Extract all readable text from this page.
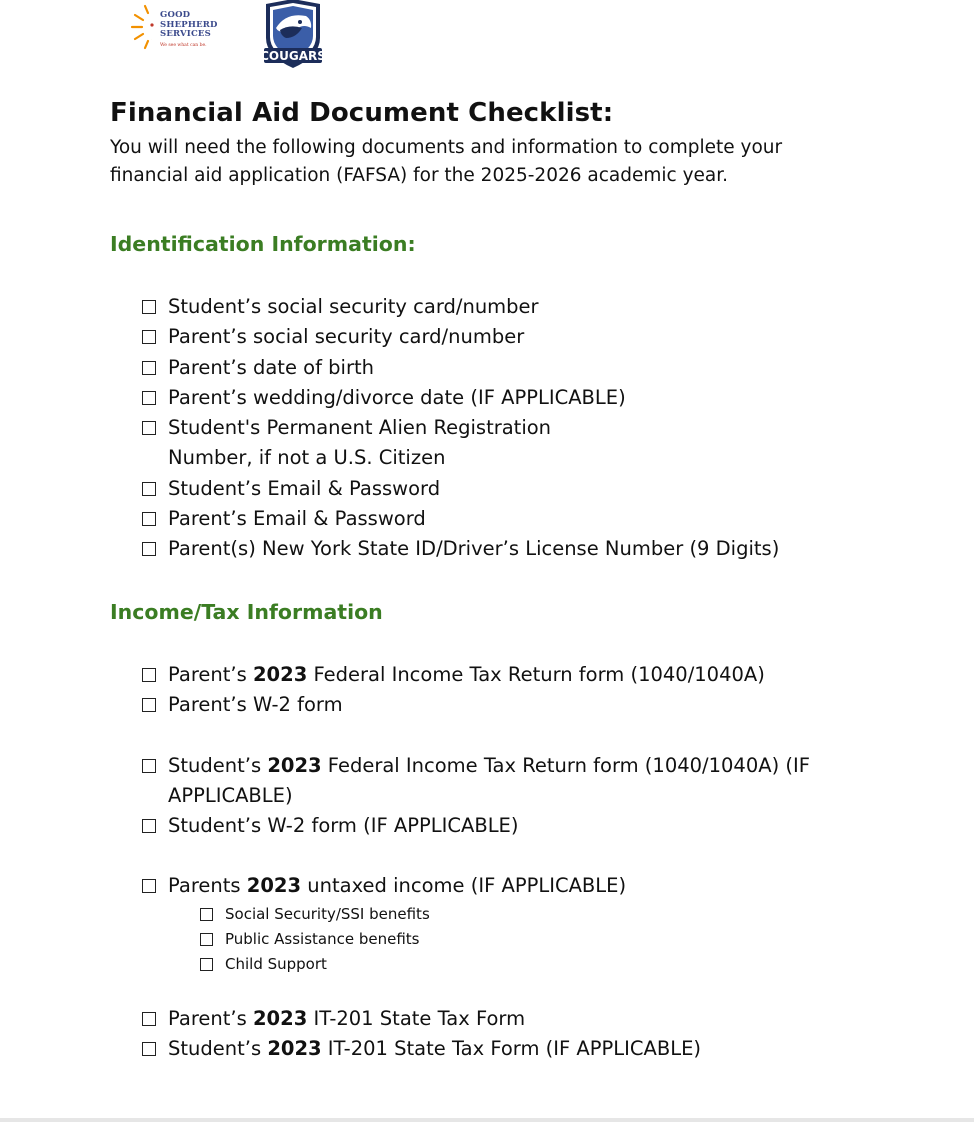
GOOD
SHEPHERD
SERVICES
We see what can be.
COUGARS
Financial Aid Document Checklist:

You will need the following documents and information to complete your financial aid application (FAFSA) for the 2025-2026 academic year.

Identification Information:
Student’s social security card/number
Parent’s social security card/number
Parent’s date of birth
Parent’s wedding/divorce date (IF APPLICABLE)
Student's Permanent Alien Registration Number, if not a U.S. Citizen
Student’s Email & Password
Parent’s Email & Password
Parent(s) New York State ID/Driver’s License Number (9 Digits)
Income/Tax Information
Parent’s 2023 Federal Income Tax Return form (1040/1040A)
Parent’s W-2 form
Student’s 2023 Federal Income Tax Return form (1040/1040A) (IF APPLICABLE)
Student’s W-2 form (IF APPLICABLE)
Parents 2023 untaxed income (IF APPLICABLE)
Social Security/SSI benefits
Public Assistance benefits
Child Support
Parent’s 2023 IT-201 State Tax Form
Student’s 2023 IT-201 State Tax Form (IF APPLICABLE)
